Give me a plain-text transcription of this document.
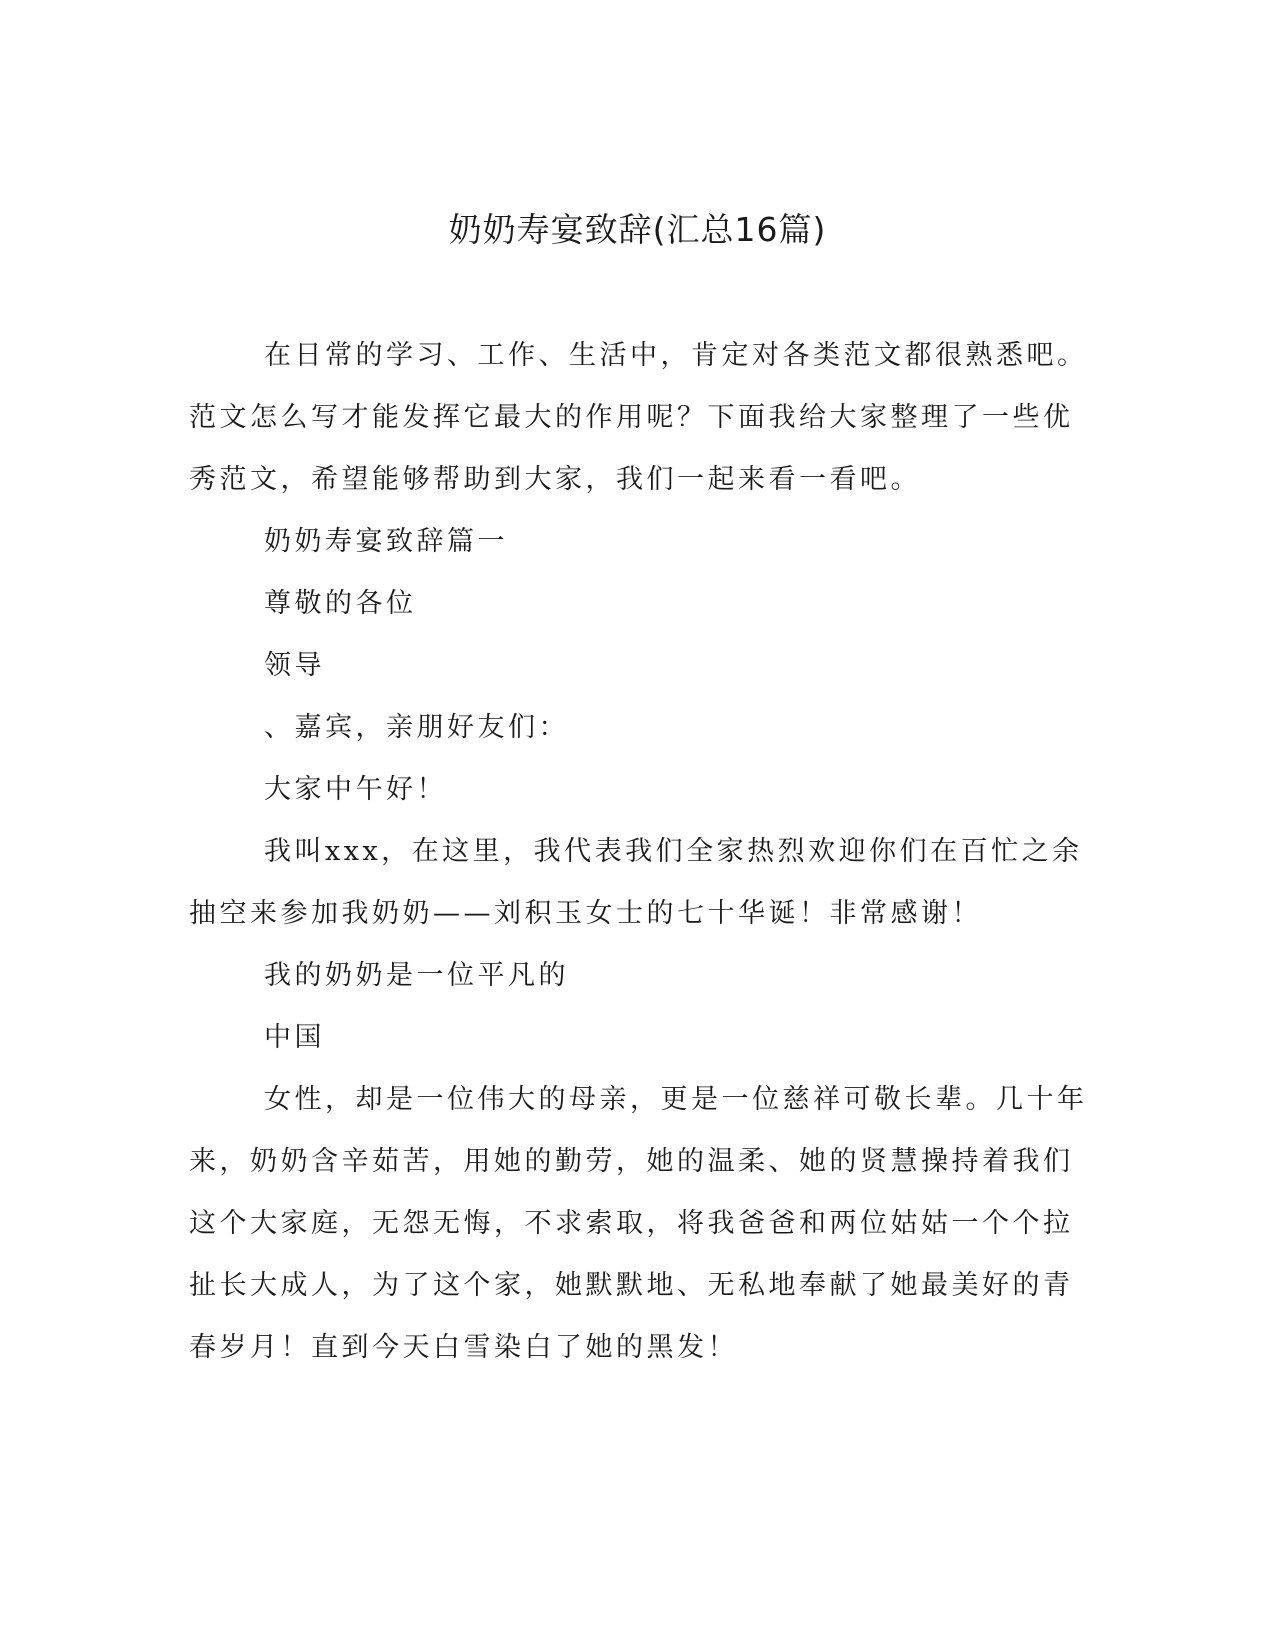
奶奶寿宴致辞(汇总16篇)

在日常的学习、工作、生活中，肯定对各类范文都很熟悉吧。范文怎么写才能发挥它最大的作用呢？下面我给大家整理了一些优秀范文，希望能够帮助到大家，我们一起来看一看吧。

奶奶寿宴致辞篇一

尊敬的各位

领导

、嘉宾，亲朋好友们：

大家中午好！

我叫xxx，在这里，我代表我们全家热烈欢迎你们在百忙之余抽空来参加我奶奶——刘积玉女士的七十华诞！非常感谢！

我的奶奶是一位平凡的

中国

女性，却是一位伟大的母亲，更是一位慈祥可敬长辈。几十年来，奶奶含辛茹苦，用她的勤劳，她的温柔、她的贤慧操持着我们这个大家庭，无怨无悔，不求索取，将我爸爸和两位姑姑一个个拉扯长大成人，为了这个家，她默默地、无私地奉献了她最美好的青春岁月！直到今天白雪染白了她的黑发！
